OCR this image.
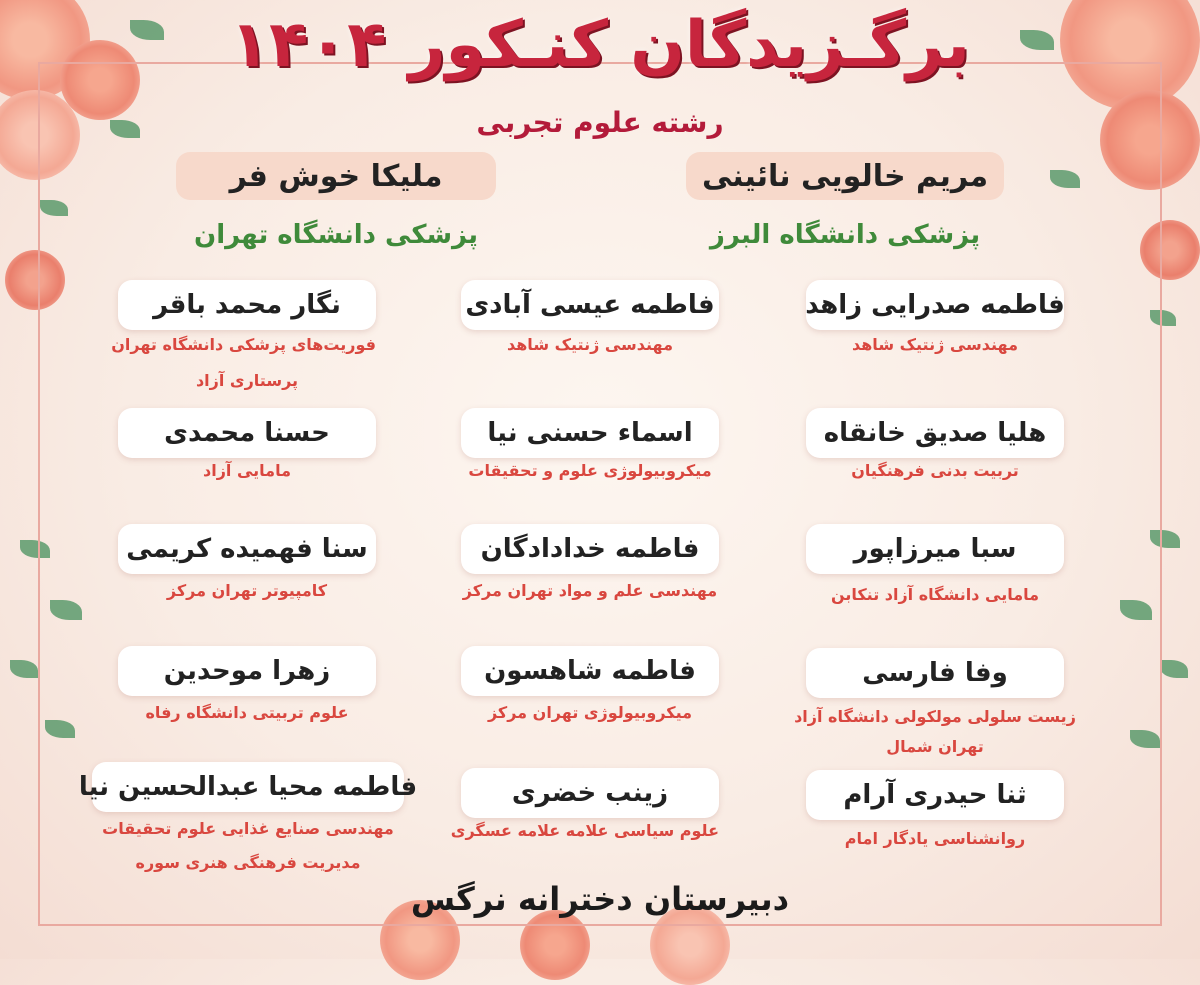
برگـزیدگان کنـکور ۱۴۰۴
رشته علوم تجربی
مریم خالویی نائینی
پزشکی دانشگاه البرز
ملیکا خوش فر
پزشکی دانشگاه تهران
فاطمه صدرایی زاهد
مهندسی ژنتیک شاهد
فاطمه عیسی آبادی
مهندسی ژنتیک شاهد
نگار محمد باقر
فوریت‌های پزشکی دانشگاه تهران
پرستاری آزاد
هلیا صدیق خانقاه
تربیت بدنی فرهنگیان
اسماء حسنی نیا
میکروبیولوژی علوم و تحقیقات
حسنا محمدی
مامایی آزاد
سبا میرزاپور
مامایی دانشگاه آزاد تنکابن
فاطمه خدادادگان
مهندسی علم و مواد تهران مرکز
سنا فهمیده کریمی
کامپیوتر تهران مرکز
وفا فارسی
زیست سلولی مولکولی دانشگاه آزاد
تهران شمال
فاطمه شاهسون
میکروبیولوژی تهران مرکز
زهرا موحدین
علوم تربیتی دانشگاه رفاه
ثنا حیدری آرام
روانشناسی یادگار امام
زینب خضری
علوم سیاسی علامه علامه عسگری
فاطمه محیا عبدالحسین نیا
مهندسی صنایع غذایی علوم تحقیقات
مدیریت فرهنگی هنری سوره
دبیرستان دخترانه نرگس
